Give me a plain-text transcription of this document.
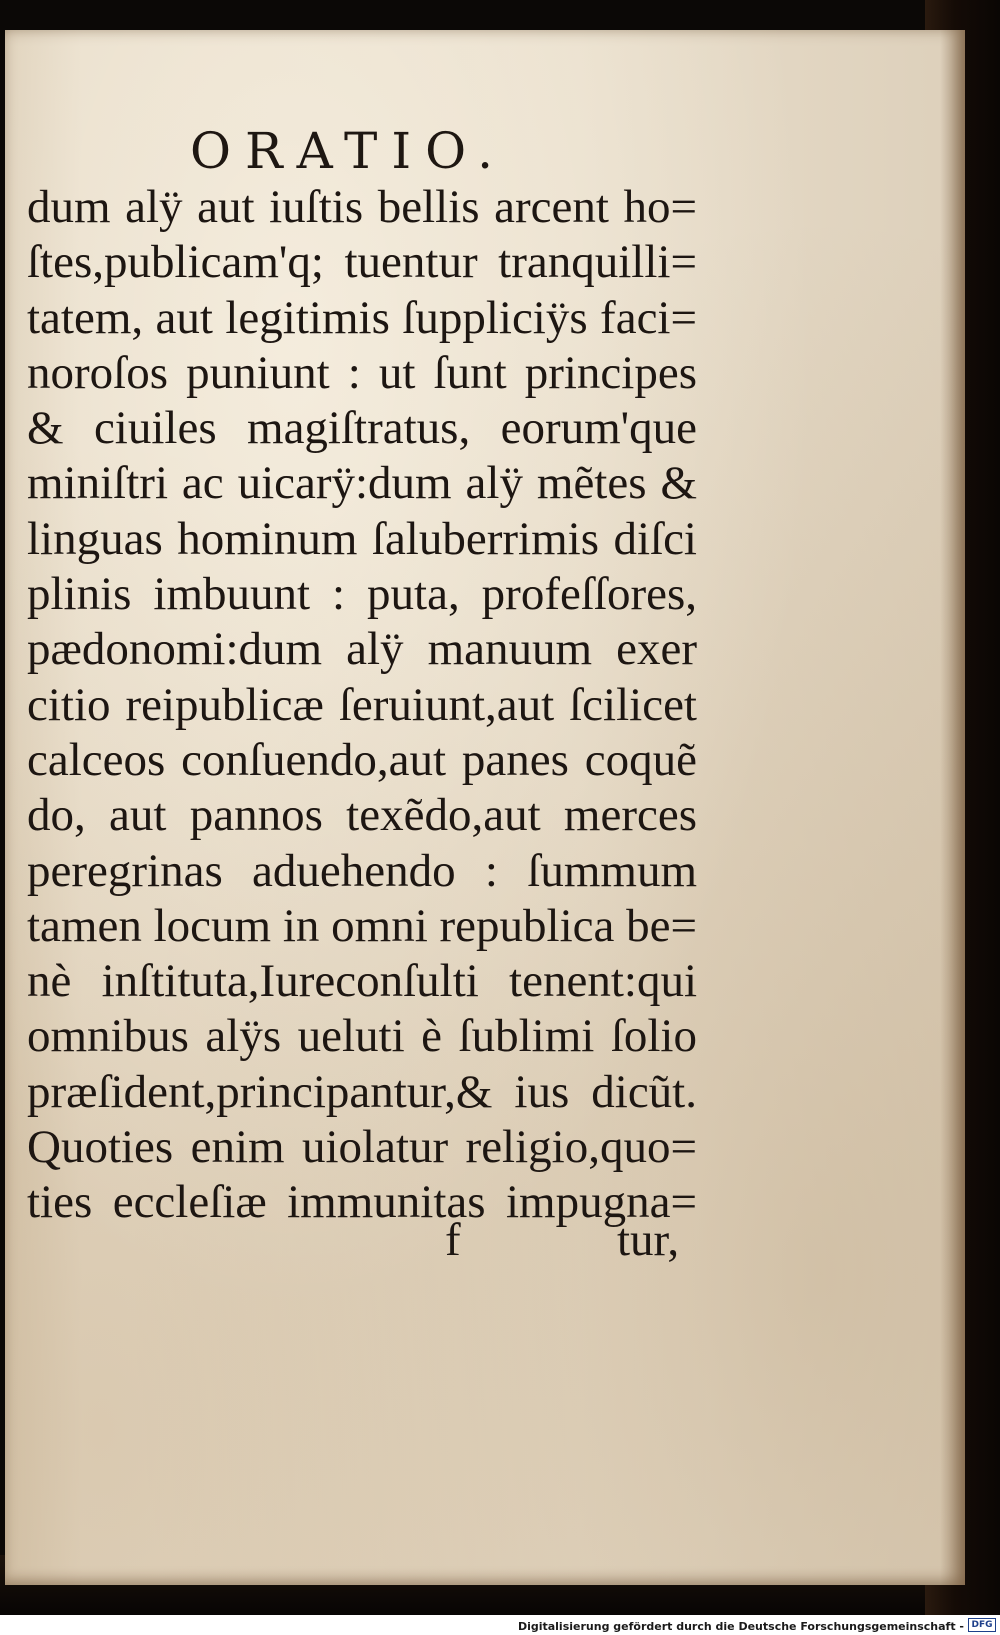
ORATIO.
dum alÿ aut iuſtis bellis arcent ho=
ſtes,publicam'q; tuentur tranquilli=
tatem, aut legitimis ſuppliciÿs faci=
noroſos puniunt : ut ſunt principes
& ciuiles magiſtratus, eorum'que
miniſtri ac uicarÿ:dum alÿ mẽtes &
linguas hominum ſaluberrimis diſci
plinis imbuunt : puta, profeſſores,
pædonomi:dum alÿ manuum exer
citio reipublicæ ſeruiunt,aut ſcilicet
calceos conſuendo,aut panes coquẽ
do, aut pannos texẽdo,aut merces
peregrinas aduehendo : ſummum
tamen locum in omni republica be=
nè inſtituta,Iureconſulti tenent:qui
omnibus alÿs ueluti è ſublimi ſolio
præſident,principantur,& ius dicũt.
Quoties enim uiolatur religio,quo=
ties eccleſiæ immunitas impugna=
f	tur,
Digitalisierung gefördert durch die Deutsche Forschungsgemeinschaft - DFG
